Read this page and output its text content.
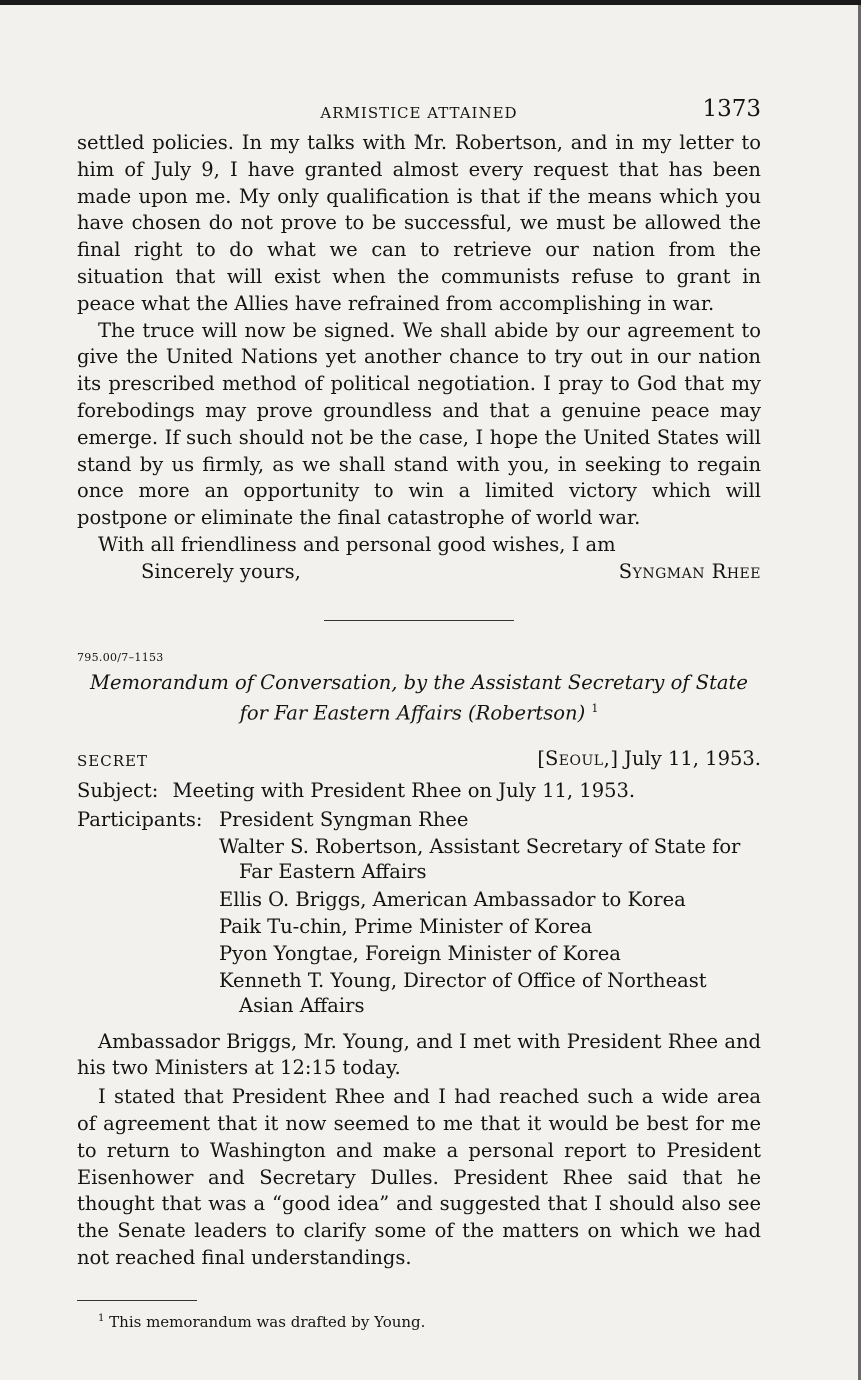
ARMISTICE ATTAINED	1373

settled policies. In my talks with Mr. Robertson, and in my letter to him of July 9, I have granted almost every request that has been made upon me. My only qualification is that if the means which you have chosen do not prove to be successful, we must be allowed the final right to do what we can to retrieve our nation from the situation that will exist when the communists refuse to grant in peace what the Allies have refrained from accomplishing in war.

The truce will now be signed. We shall abide by our agreement to give the United Nations yet another chance to try out in our nation its prescribed method of political negotiation. I pray to God that my forebodings may prove groundless and that a genuine peace may emerge. If such should not be the case, I hope the United States will stand by us firmly, as we shall stand with you, in seeking to regain once more an opportunity to win a limited victory which will postpone or eliminate the final catastrophe of world war.

With all friendliness and personal good wishes, I am
Sincerely yours,	Syngman Rhee
795.00/7–1153
Memorandum of Conversation, by the Assistant Secretary of State for Far Eastern Affairs (Robertson) $^1$
SECRET	[Seoul,] July 11, 1953.
Subject: Meeting with President Rhee on July 11, 1953.
Participants: President Syngman Rhee
Walter S. Robertson, Assistant Secretary of State for Far Eastern Affairs
Ellis O. Briggs, American Ambassador to Korea
Paik Tu-chin, Prime Minister of Korea
Pyon Yongtae, Foreign Minister of Korea
Kenneth T. Young, Director of Office of Northeast Asian Affairs

Ambassador Briggs, Mr. Young, and I met with President Rhee and his two Ministers at 12:15 today.

I stated that President Rhee and I had reached such a wide area of agreement that it now seemed to me that it would be best for me to return to Washington and make a personal report to President Eisenhower and Secretary Dulles. President Rhee said that he thought that was a “good idea” and suggested that I should also see the Senate leaders to clarify some of the matters on which we had not reached final understandings.

$^1$ This memorandum was drafted by Young.
